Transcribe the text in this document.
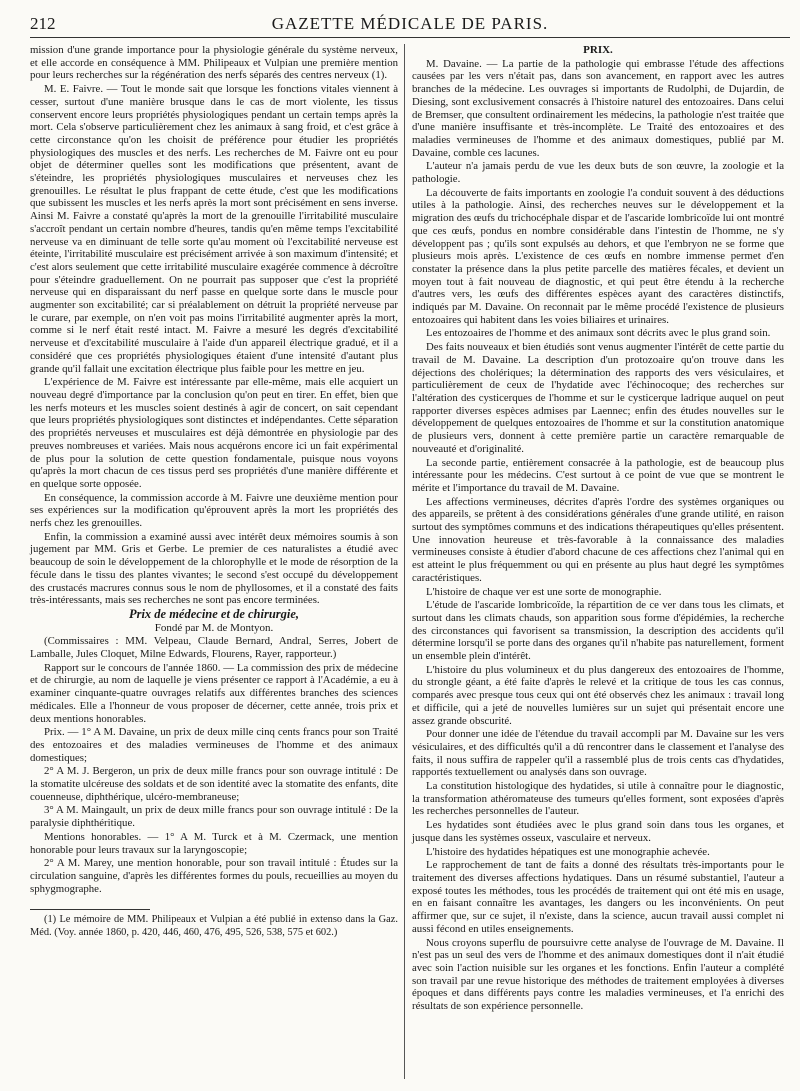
212	GAZETTE MÉDICALE DE PARIS.

mission d'une grande importance pour la physiologie générale du système nerveux, et elle accorde en conséquence à MM. Philipeaux et Vulpian une première mention pour leurs recherches sur la régénération des nerfs séparés des centres nerveux (1).

M. E. Faivre. — Tout le monde sait que lorsque les fonctions vitales viennent à cesser, surtout d'une manière brusque dans le cas de mort violente, les tissus conservent encore leurs propriétés physiologiques pendant un certain temps après la mort. Cela s'observe particulièrement chez les animaux à sang froid, et c'est grâce à cette circonstance qu'on les choisit de préférence pour étudier les propriétés physiologiques des muscles et des nerfs. Les recherches de M. Faivre ont eu pour objet de déterminer quelles sont les modifications que présentent, avant de s'éteindre, les propriétés physiologiques musculaires et nerveuses chez les grenouilles. Le résultat le plus frappant de cette étude, c'est que les modifications que subissent les muscles et les nerfs après la mort sont précisément en sens inverse. Ainsi M. Faivre a constaté qu'après la mort de la grenouille l'irritabilité musculaire s'accroît pendant un certain nombre d'heures, tandis qu'en même temps l'excitabilité nerveuse va en diminuant de telle sorte qu'au moment où l'excitabilité nerveuse est éteinte, l'irritabilité musculaire est précisément arrivée à son maximum d'intensité; et c'est alors seulement que cette irritabilité musculaire exagérée commence à décroître pour s'éteindre graduellement. On ne pourrait pas supposer que c'est la propriété nerveuse qui en disparaissant du nerf passe en quelque sorte dans le muscle pour augmenter son excitabilité; car si préalablement on détruit la propriété nerveuse par le curare, par exemple, on n'en voit pas moins l'irritabilité augmenter après la mort, comme si le nerf était resté intact. M. Faivre a mesuré les degrés d'excitabilité nerveuse et d'excitabilité musculaire à l'aide d'un appareil électrique gradué, et il a considéré que ces propriétés physiologiques étaient d'une intensité d'autant plus grande qu'il fallait une excitation électrique plus faible pour les mettre en jeu.

L'expérience de M. Faivre est intéressante par elle-même, mais elle acquiert un nouveau degré d'importance par la conclusion qu'on peut en tirer. En effet, bien que les nerfs moteurs et les muscles soient destinés à agir de concert, on sait cependant que leurs propriétés physiologiques sont distinctes et indépendantes. Cette séparation des propriétés nerveuses et musculaires est déjà démontrée en physiologie par des preuves nombreuses et variées. Mais nous acquérons encore ici un fait expérimental de plus pour la solution de cette question fondamentale, puisque nous voyons qu'après la mort chacun de ces tissus perd ses propriétés d'une manière différente et en quelque sorte opposée.

En conséquence, la commission accorde à M. Faivre une deuxième mention pour ses expériences sur la modification qu'éprouvent après la mort les propriétés des nerfs chez les grenouilles.

Enfin, la commission a examiné aussi avec intérêt deux mémoires soumis à son jugement par MM. Gris et Gerbe. Le premier de ces naturalistes a étudié avec beaucoup de soin le développement de la chlorophylle et le mode de résorption de la fécule dans le tissu des plantes vivantes; le second s'est occupé du développement des crustacés macrures connus sous le nom de phyllosomes, et il a constaté des faits très-intéressants, mais ses recherches ne sont pas encore terminées.

Prix de médecine et de chirurgie,

Fondé par M. de Montyon.

(Commissaires : MM. Velpeau, Claude Bernard, Andral, Serres, Jobert de Lamballe, Jules Cloquet, Milne Edwards, Flourens, Rayer, rapporteur.)

Rapport sur le concours de l'année 1860. — La commission des prix de médecine et de chirurgie, au nom de laquelle je viens présenter ce rapport à l'Académie, a eu à examiner cinquante-quatre ouvrages relatifs aux différentes branches des sciences médicales. Elle a l'honneur de vous proposer de décerner, cette année, trois prix et deux mentions honorables.

Prix. — 1° A M. Davaine, un prix de deux mille cinq cents francs pour son Traité des entozoaires et des maladies vermineuses de l'homme et des animaux domestiques;

2° A M. J. Bergeron, un prix de deux mille francs pour son ouvrage intitulé : De la stomatite ulcéreuse des soldats et de son identité avec la stomatite des enfants, dite couenneuse, diphthérique, ulcéro-membraneuse;

3° A M. Maingault, un prix de deux mille francs pour son ouvrage intitulé : De la paralysie diphthéritique.

Mentions honorables. — 1° A M. Turck et à M. Czermack, une mention honorable pour leurs travaux sur la laryngoscopie;

2° A M. Marey, une mention honorable, pour son travail intitulé : Études sur la circulation sanguine, d'après les différentes formes du pouls, recueillies au moyen du sphygmographe.

(1) Le mémoire de MM. Philipeaux et Vulpian a été publié in extenso dans la Gaz. Méd. (Voy. année 1860, p. 420, 446, 460, 476, 495, 526, 538, 575 et 602.)

PRIX.

M. Davaine. — La partie de la pathologie qui embrasse l'étude des affections causées par les vers n'était pas, dans son avancement, en rapport avec les autres branches de la médecine. Les ouvrages si importants de Rudolphi, de Dujardin, de Diesing, sont exclusivement consacrés à l'histoire naturel des entozoaires. Dans celui de Bremser, que consultent ordinairement les médecins, la pathologie n'est traitée que d'une manière insuffisante et très-incomplète. Le Traité des entozoaires et des maladies vermineuses de l'homme et des animaux domestiques, publié par M. Davaine, comble ces lacunes.

L'auteur n'a jamais perdu de vue les deux buts de son œuvre, la zoologie et la pathologie.

La découverte de faits importants en zoologie l'a conduit souvent à des déductions utiles à la pathologie. Ainsi, des recherches neuves sur le développement et la migration des œufs du trichocéphale dispar et de l'ascaride lombricoïde lui ont montré que ces œufs, pondus en nombre considérable dans l'intestin de l'homme, ne s'y développent pas ; qu'ils sont expulsés au dehors, et que l'embryon ne se forme que plusieurs mois après. L'existence de ces œufs en nombre immense permet d'en constater la présence dans la plus petite parcelle des matières fécales, et devient un moyen tout à fait nouveau de diagnostic, et qui peut être étendu à la recherche d'autres vers, les œufs des différentes espèces ayant des caractères distinctifs, indiqués par M. Davaine. On reconnait par le même procédé l'existence de plusieurs entozoaires qui habitent dans les voies biliaires et urinaires.

Les entozoaires de l'homme et des animaux sont décrits avec le plus grand soin.

Des faits nouveaux et bien étudiés sont venus augmenter l'intérêt de cette partie du travail de M. Davaine. La description d'un protozoaire qu'on trouve dans les déjections des cholériques; la détermination des rapports des vers vésiculaires, et particulièrement de ceux de l'hydatide avec l'échinocoque; des recherches sur l'altération des cysticerques de l'homme et sur le cysticerque ladrique auquel on peut rapporter diverses espèces admises par Laennec; enfin des études nouvelles sur le développement de quelques entozoaires de l'homme et sur la constitution anatomique de plusieurs vers, donnent à cette première partie un caractère remarquable de nouveauté et d'originalité.

La seconde partie, entièrement consacrée à la pathologie, est de beaucoup plus intéressante pour les médecins. C'est surtout à ce point de vue que se montrent le mérite et l'importance du travail de M. Davaine.

Les affections vermineuses, décrites d'après l'ordre des systèmes organiques ou des appareils, se prêtent à des considérations générales d'une grande utilité, en raison surtout des symptômes communs et des indications thérapeutiques qu'elles présentent. Une innovation heureuse et très-favorable à la connaissance des maladies vermineuses consiste à étudier d'abord chacune de ces affections chez l'animal qui en est atteint le plus fréquemment ou qui en présente au plus haut degré les symptômes caractéristiques.

L'histoire de chaque ver est une sorte de monographie.

L'étude de l'ascaride lombricoïde, la répartition de ce ver dans tous les climats, et surtout dans les climats chauds, son apparition sous forme d'épidémies, la recherche des circonstances qui favorisent sa transmission, la description des accidents qu'il détermine lorsqu'il se porte dans des organes qu'il n'habite pas naturellement, forment un ensemble plein d'intérêt.

L'histoire du plus volumineux et du plus dangereux des entozoaires de l'homme, du strongle géant, a été faite d'après le relevé et la critique de tous les cas connus, comparés avec presque tous ceux qui ont été observés chez les animaux : travail long et difficile, qui a jeté de nouvelles lumières sur un sujet qui présentait encore une assez grande obscurité.

Pour donner une idée de l'étendue du travail accompli par M. Davaine sur les vers vésiculaires, et des difficultés qu'il a dû rencontrer dans le classement et l'analyse des faits, il nous suffira de rappeler qu'il a rassemblé plus de trois cents cas d'hydatides, rapportés textuellement ou analysés dans son ouvrage.

La constitution histologique des hydatides, si utile à connaître pour le diagnostic, la transformation athéromateuse des tumeurs qu'elles forment, sont exposées d'après les recherches personnelles de l'auteur.

Les hydatides sont étudiées avec le plus grand soin dans tous les organes, et jusque dans les systèmes osseux, vasculaire et nerveux.

L'histoire des hydatides hépatiques est une monographie achevée.

Le rapprochement de tant de faits a donné des résultats très-importants pour le traitement des diverses affections hydatiques. Dans un résumé substantiel, l'auteur a exposé toutes les méthodes, tous les procédés de traitement qui ont été mis en usage, en en faisant connaître les avantages, les dangers ou les inconvénients. On peut affirmer que, sur ce sujet, il n'existe, dans la science, aucun travail aussi complet ni aussi fécond en utiles enseignements.

Nous croyons superflu de poursuivre cette analyse de l'ouvrage de M. Davaine. Il n'est pas un seul des vers de l'homme et des animaux domestiques dont il n'ait étudié avec soin l'action nuisible sur les organes et les fonctions. Enfin l'auteur a complété son travail par une revue historique des méthodes de traitement employées à diverses époques et dans différents pays contre les maladies vermineuses, et l'a enrichi des résultats de son expérience personnelle.
